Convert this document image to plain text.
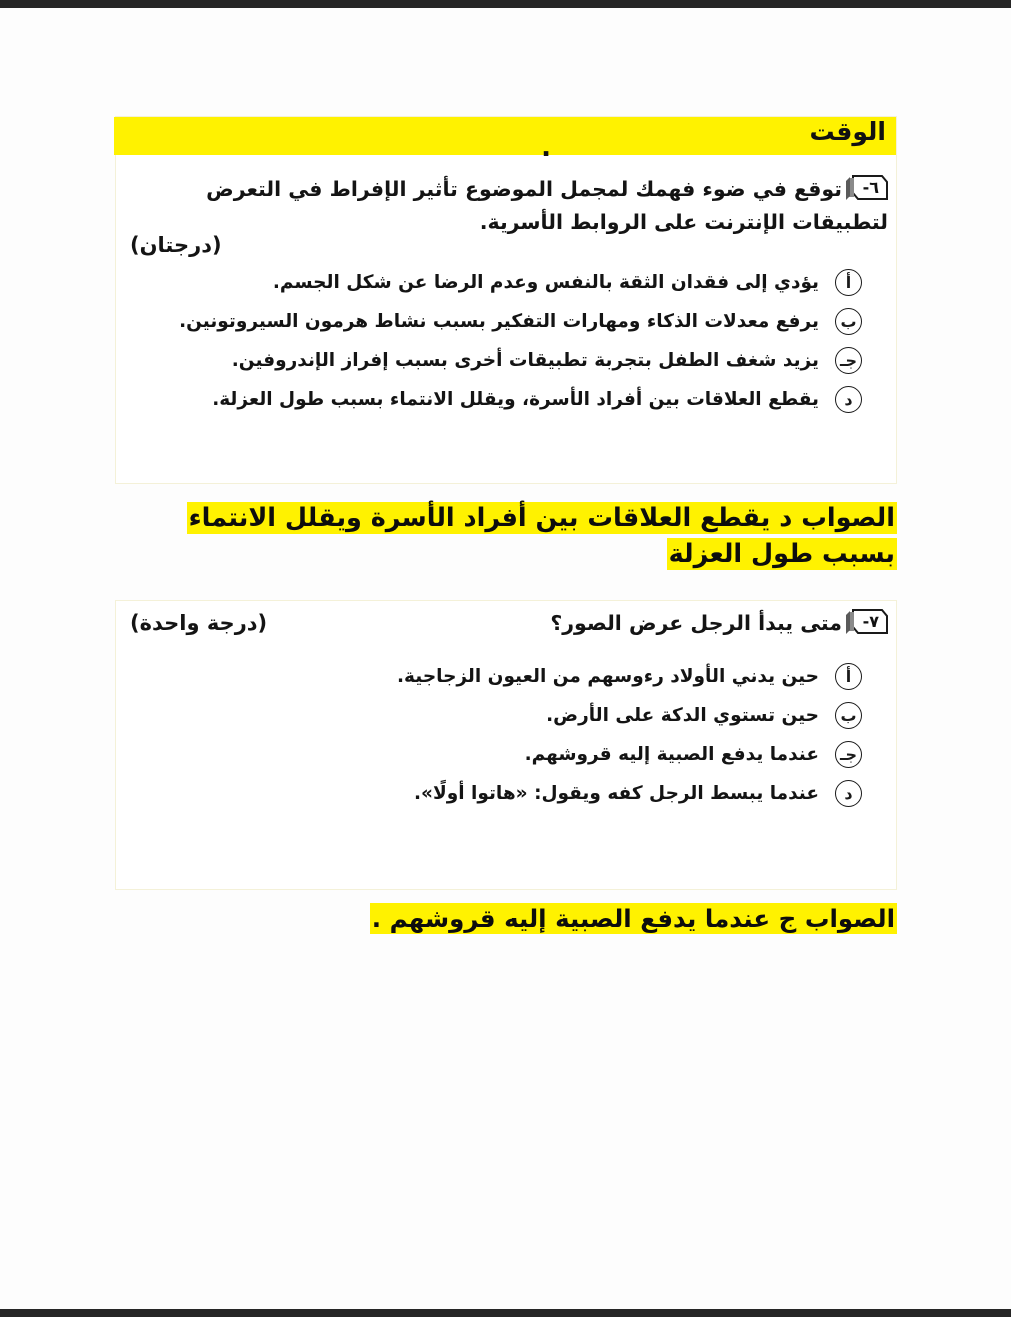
الوقت
.
٦-
توقع في ضوء فهمك لمجمل الموضوع تأثير الإفراط في التعرض لتطبيقات الإنترنت على الروابط الأسرية.
(درجتان)
أ
يؤدي إلى فقدان الثقة بالنفس وعدم الرضا عن شكل الجسم.
ب
يرفع معدلات الذكاء ومهارات التفكير بسبب نشاط هرمون السيروتونين.
جـ
يزيد شغف الطفل بتجربة تطبيقات أخرى بسبب إفراز الإندروفين.
د
يقطع العلاقات بين أفراد الأسرة، ويقلل الانتماء بسبب طول العزلة.
الصواب د يقطع العلاقات بين أفراد الأسرة ويقلل الانتماء بسبب طول العزلة
٧-
متى يبدأ الرجل عرض الصور؟
(درجة واحدة)
أ
حين يدني الأولاد رءوسهم من العيون الزجاجية.
ب
حين تستوي الدكة على الأرض.
جـ
عندما يدفع الصبية إليه قروشهم.
د
عندما يبسط الرجل كفه ويقول: «هاتوا أولًا».
الصواب ج عندما يدفع الصبية إليه قروشهم .
